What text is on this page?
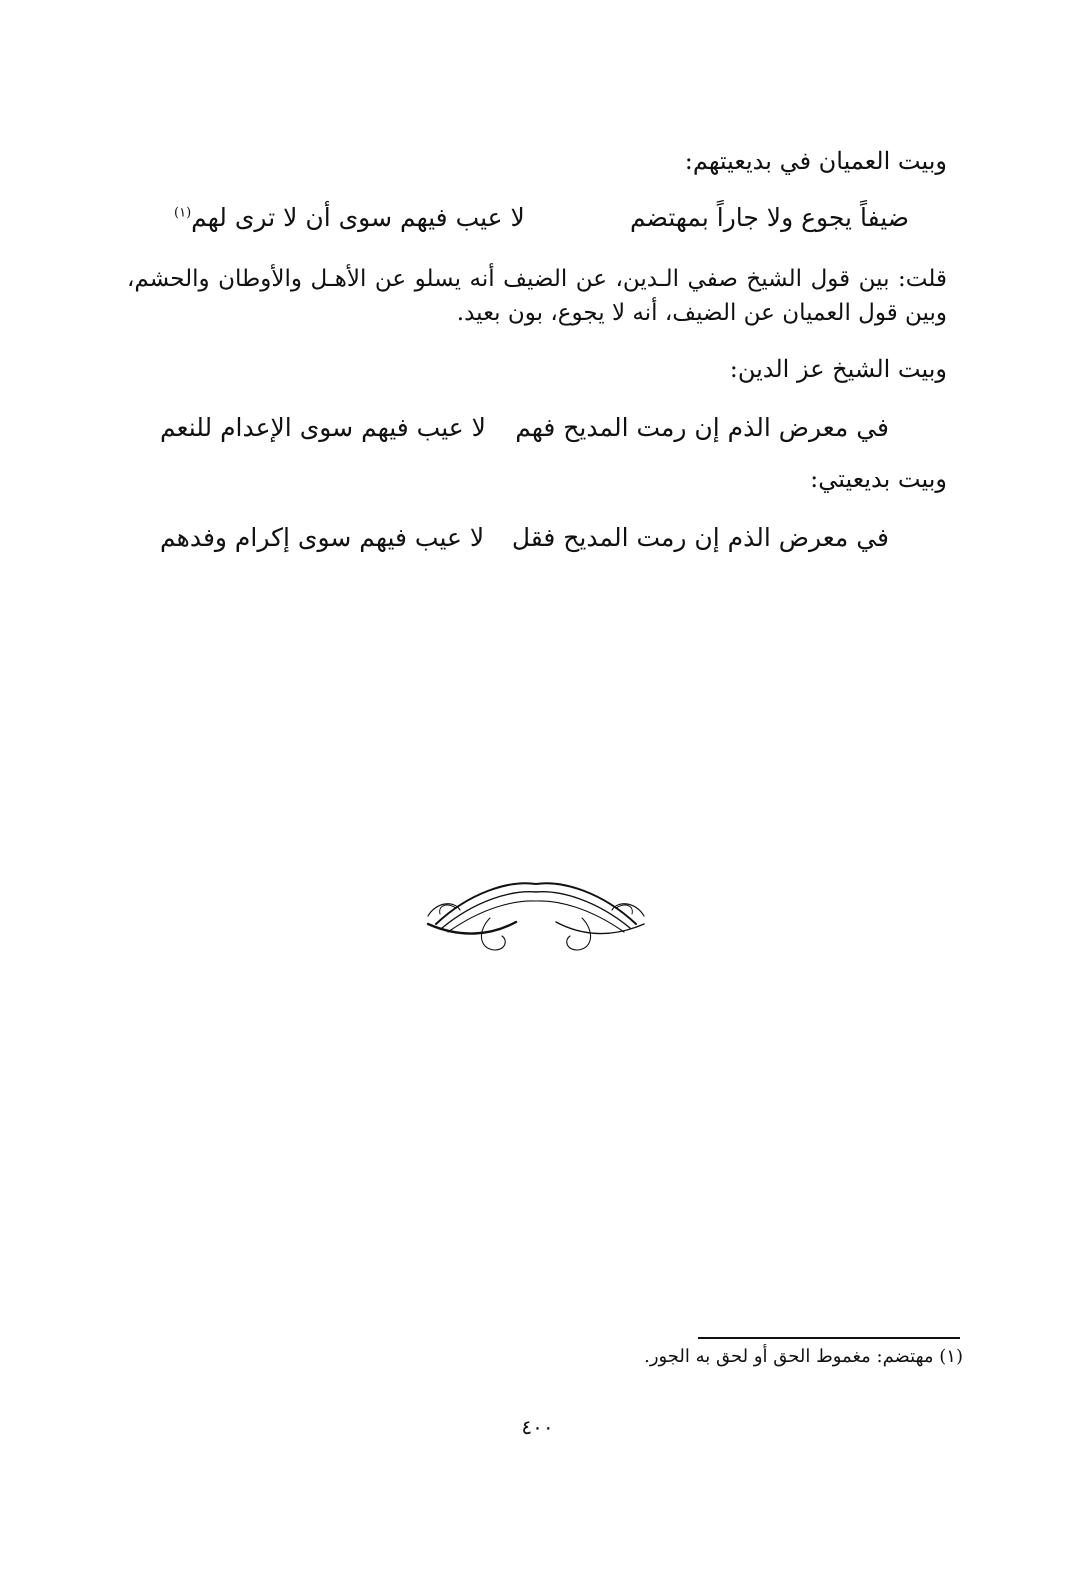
وبيت العميان في بديعيتهم:
ضيفاً يجوع ولا جاراً بمهتضم
لا عيب فيهم سوى أن لا ترى لهم$^{(١)}$
قلت: بين قول الشيخ صفي الـدين، عن الضيف أنه يسلو عن الأهـل والأوطان والحشم، وبين قول العميان عن الضيف، أنه لا يجوع، بون بعيد.
وبيت الشيخ عز الدين:
في معرض الذم إن رمت المديح فهم
لا عيب فيهم سوى الإعدام للنعم
وبيت بديعيتي:
في معرض الذم إن رمت المديح فقل
لا عيب فيهم سوى إكرام وفدهم
(١) مهتضم: مغموط الحق أو لحق به الجور.
٤٠٠
